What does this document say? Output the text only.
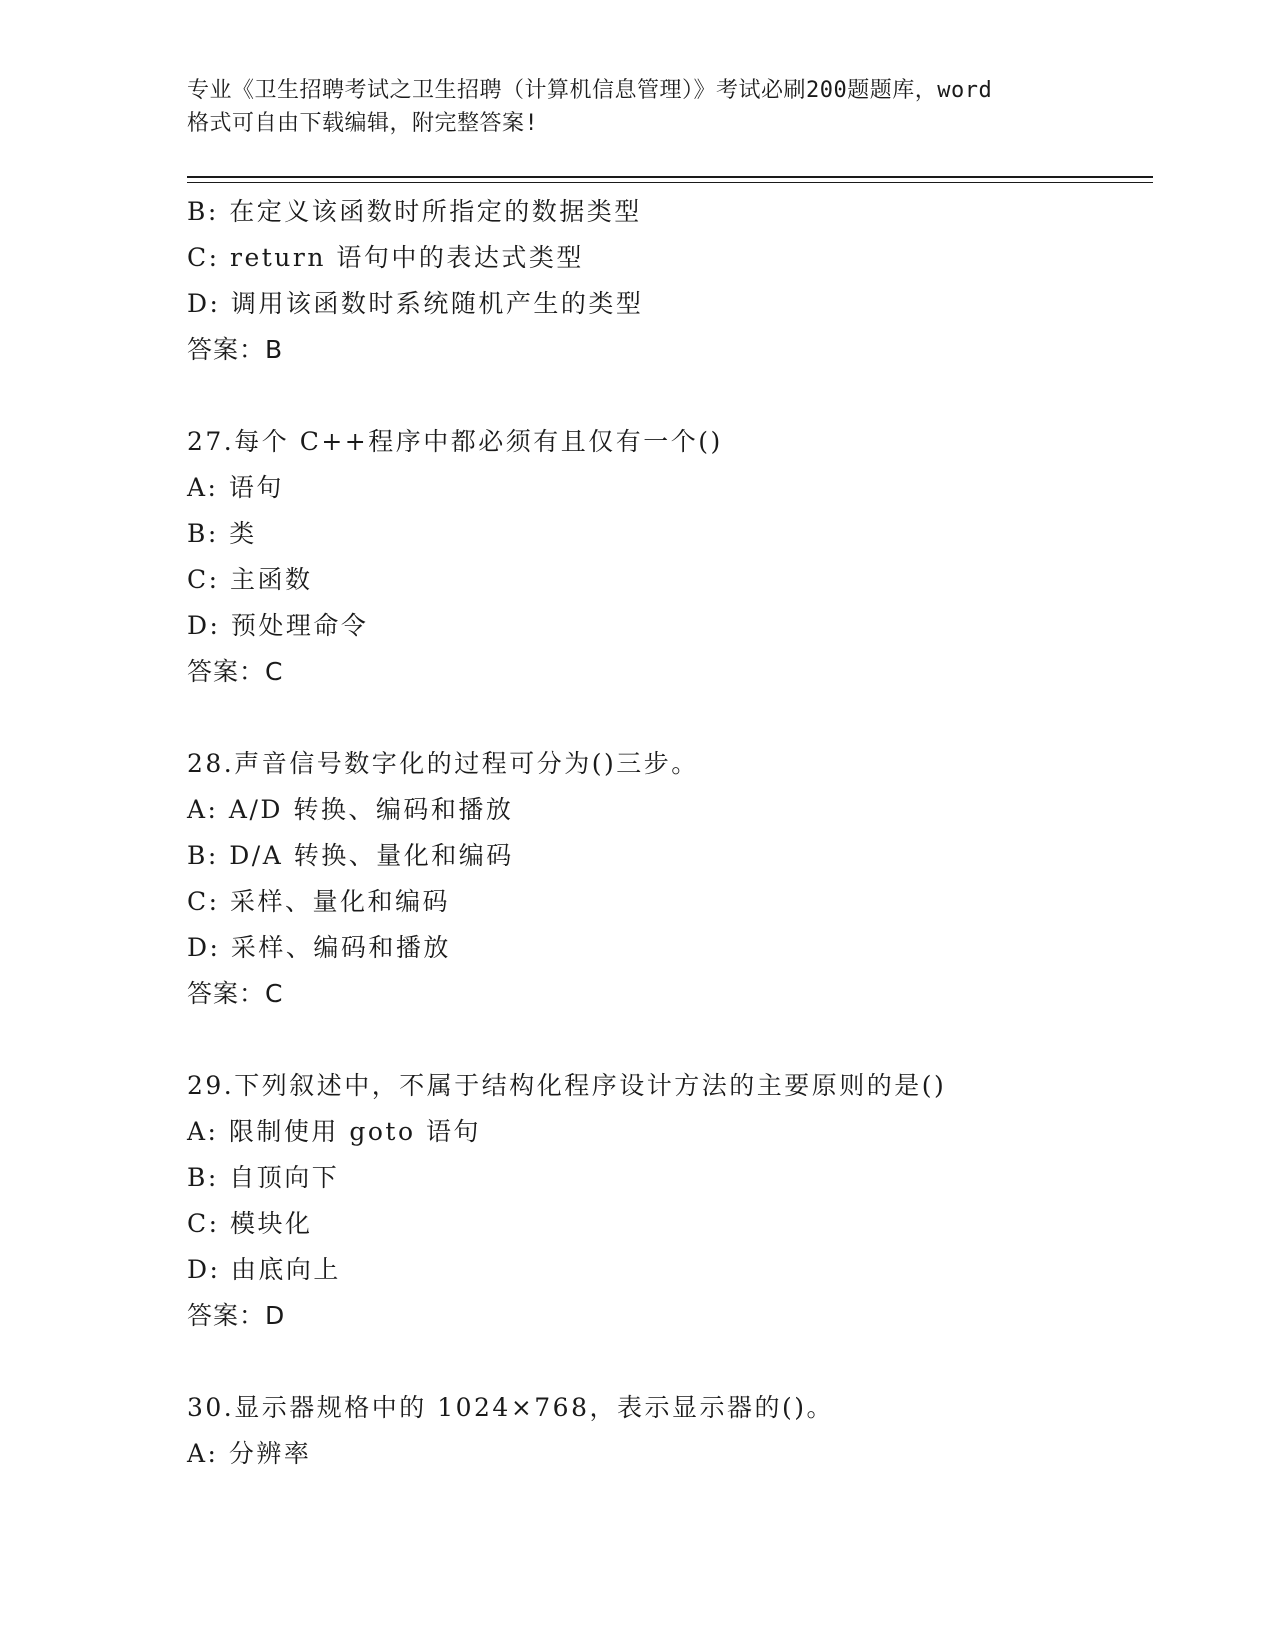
专业《卫生招聘考试之卫生招聘（计算机信息管理）》考试必刷200题题库，word
格式可自由下载编辑，附完整答案!
B: 在定义该函数时所指定的数据类型
C: return 语句中的表达式类型
D: 调用该函数时系统随机产生的类型
答案：B
27.每个 C++程序中都必须有且仅有一个()
A: 语句
B: 类
C: 主函数
D: 预处理命令
答案：C
28.声音信号数字化的过程可分为()三步。
A: A/D 转换、编码和播放
B: D/A 转换、量化和编码
C: 采样、量化和编码
D: 采样、编码和播放
答案：C
29.下列叙述中，不属于结构化程序设计方法的主要原则的是()
A: 限制使用 goto 语句
B: 自顶向下
C: 模块化
D: 由底向上
答案：D
30.显示器规格中的 1024×768，表示显示器的()。
A: 分辨率
